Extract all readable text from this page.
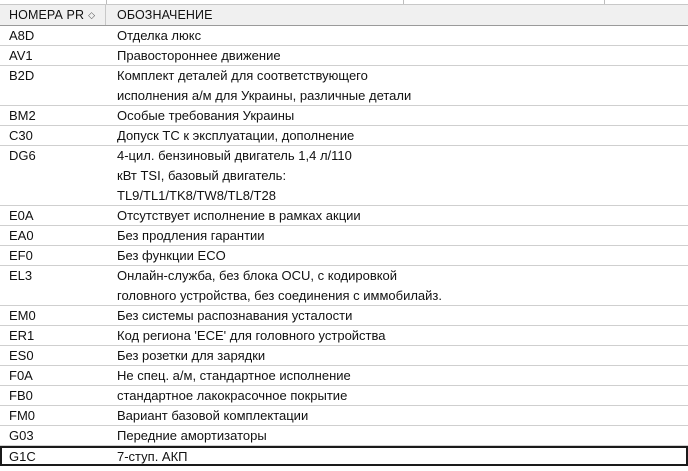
НОМЕРА PR ◇	ОБОЗНАЧЕНИЕ
A8D	Отделка люкс
AV1	Правостороннее движение
B2D	Комплект деталей для соответствующего
исполнения а/м для Украины, различные детали
BM2	Особые требования Украины
C30	Допуск ТС к эксплуатации, дополнение
DG6	4-цил. бензиновый двигатель 1,4 л/110
кВт TSI, базовый двигатель:
TL9/TL1/TK8/TW8/TL8/T28
E0A	Отсутствует исполнение в рамках акции
EA0	Без продления гарантии
EF0	Без функции ECO
EL3	Онлайн-служба, без блока OCU, с кодировкой
головного устройства, без соединения с иммобилайз.
EM0	Без системы распознавания усталости
ER1	Код региона 'ECE' для головного устройства
ES0	Без розетки для зарядки
F0A	Не спец. а/м, стандартное исполнение
FB0	стандартное лакокрасочное покрытие
FM0	Вариант базовой комплектации
G03	Передние амортизаторы
G1C	7-ступ. АКП
